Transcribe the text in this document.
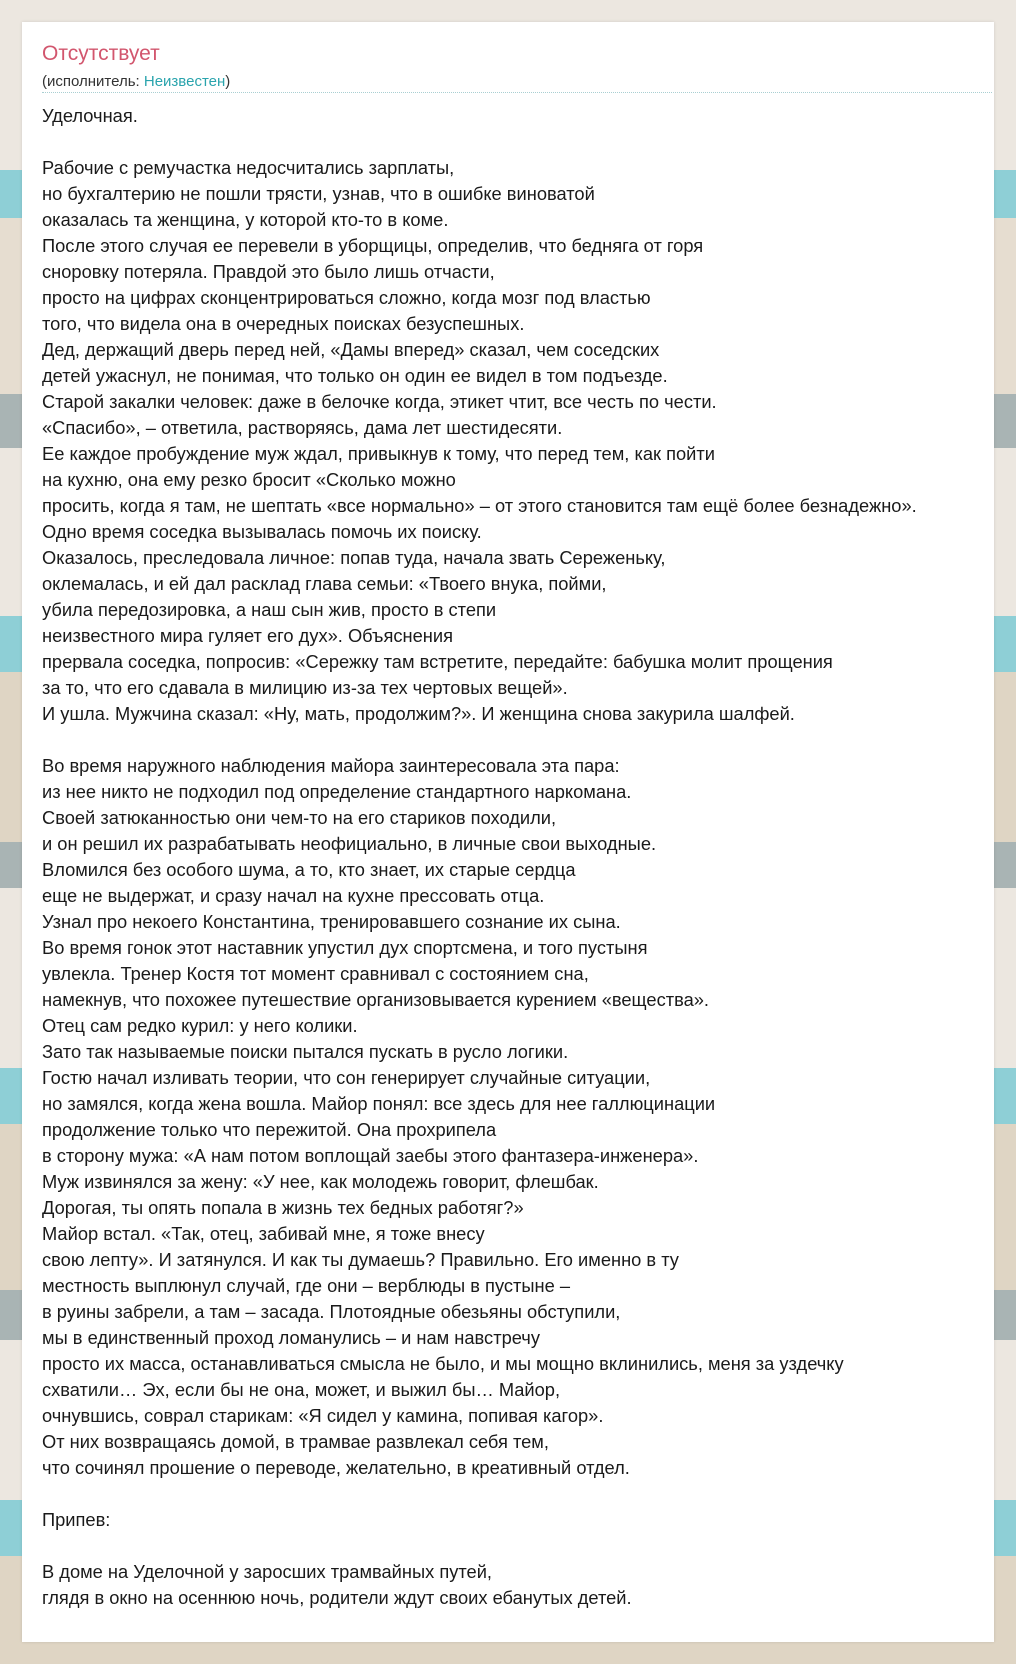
Отсутствует
(исполнитель: Неизвестен)
Уделочная.
Рабочие с ремучастка недосчитались зарплаты,
но бухгалтерию не пошли трясти, узнав, что в ошибке виноватой
оказалась та женщина, у которой кто-то в коме.
После этого случая ее перевели в уборщицы, определив, что бедняга от горя
сноровку потеряла. Правдой это было лишь отчасти,
просто на цифрах сконцентрироваться сложно, когда мозг под властью
того, что видела она в очередных поисках безуспешных.
Дед, держащий дверь перед ней, «Дамы вперед» сказал, чем соседских
детей ужаснул, не понимая, что только он один ее видел в том подъезде.
Старой закалки человек: даже в белочке когда, этикет чтит, все честь по чести.
«Спасибо», – ответила, растворяясь, дама лет шестидесяти.
Ее каждое пробуждение муж ждал, привыкнув к тому, что перед тем, как пойти
на кухню, она ему резко бросит «Сколько можно
просить, когда я там, не шептать «все нормально» – от этого становится там ещё более безнадежно».
Одно время соседка вызывалась помочь их поиску.
Оказалось, преследовала личное: попав туда, начала звать Сереженьку,
оклемалась, и ей дал расклад глава семьи: «Твоего внука, пойми,
убила передозировка, а наш сын жив, просто в степи
неизвестного мира гуляет его дух». Объяснения
прервала соседка, попросив: «Сережку там встретите, передайте: бабушка молит прощения
за то, что его сдавала в милицию из-за тех чертовых вещей».
И ушла. Мужчина сказал: «Ну, мать, продолжим?». И женщина снова закурила шалфей.
Во время наружного наблюдения майора заинтересовала эта пара:
из нее никто не подходил под определение стандартного наркомана.
Своей затюканностью они чем-то на его стариков походили,
и он решил их разрабатывать неофициально, в личные свои выходные.
Вломился без особого шума, а то, кто знает, их старые сердца
еще не выдержат, и сразу начал на кухне прессовать отца.
Узнал про некоего Константина, тренировавшего сознание их сына.
Во время гонок этот наставник упустил дух спортсмена, и того пустыня
увлекла. Тренер Костя тот момент сравнивал с состоянием сна,
намекнув, что похожее путешествие организовывается курением «вещества».
Отец сам редко курил: у него колики.
Зато так называемые поиски пытался пускать в русло логики.
Гостю начал изливать теории, что сон генерирует случайные ситуации,
но замялся, когда жена вошла. Майор понял: все здесь для нее галлюцинации
продолжение только что пережитой. Она прохрипела
в сторону мужа: «А нам потом воплощай заебы этого фантазера-инженера».
Муж извинялся за жену: «У нее, как молодежь говорит, флешбак.
Дорогая, ты опять попала в жизнь тех бедных работяг?»
Майор встал. «Так, отец, забивай мне, я тоже внесу
свою лепту». И затянулся. И как ты думаешь? Правильно. Его именно в ту
местность выплюнул случай, где они – верблюды в пустыне –
в руины забрели, а там – засада. Плотоядные обезьяны обступили,
мы в единственный проход ломанулись – и нам навстречу
просто их масса, останавливаться смысла не было, и мы мощно вклинились, меня за уздечку
схватили… Эх, если бы не она, может, и выжил бы… Майор,
очнувшись, соврал старикам: «Я сидел у камина, попивая кагор».
От них возвращаясь домой, в трамвае развлекал себя тем,
что сочинял прошение о переводе, желательно, в креативный отдел.
Припев:
В доме на Уделочной у заросших трамвайных путей,
глядя в окно на осеннюю ночь, родители ждут своих ебанутых детей.
